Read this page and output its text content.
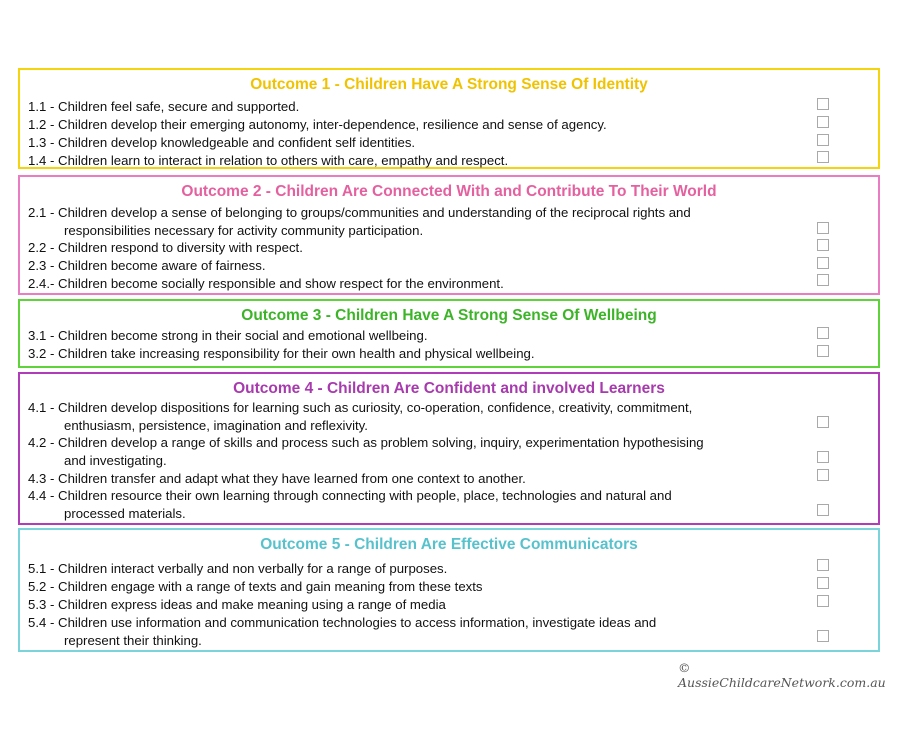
Outcome 1 - Children Have A Strong Sense Of Identity
1.1 - Children feel safe, secure and supported.
1.2 - Children develop their emerging autonomy, inter-dependence, resilience and sense of agency.
1.3 - Children develop knowledgeable and confident self identities.
1.4 - Children learn to interact in relation to others with care, empathy and respect.
Outcome 2 - Children Are Connected With and Contribute To Their World
2.1 - Children develop a sense of belonging to groups/communities and understanding of the reciprocal rights and
responsibilities necessary for activity community participation.
2.2 - Children respond to diversity with respect.
2.3 - Children become aware of fairness.
2.4.- Children become socially responsible and show respect for the environment.
Outcome 3 - Children Have A Strong Sense Of Wellbeing
3.1 - Children become strong in their social and emotional wellbeing.
3.2 - Children take increasing responsibility for their own health and physical wellbeing.
Outcome 4 - Children Are Confident and involved Learners
4.1 - Children develop dispositions for learning such as curiosity, co-operation, confidence, creativity, commitment,
enthusiasm, persistence, imagination and reflexivity.
4.2 - Children develop a range of skills and process such as problem solving, inquiry, experimentation hypothesising
and investigating.
4.3 - Children transfer and adapt what they have learned from one context to another.
4.4 - Children resource their own learning through connecting with people, place, technologies and natural and
processed materials.
Outcome 5 - Children Are Effective Communicators
5.1 - Children interact verbally and non verbally for a range of purposes.
5.2 - Children engage with a range of texts and gain meaning from these texts
5.3 - Children express ideas and make meaning using a range of media
5.4 - Children use information and communication technologies to access information, investigate ideas and
represent their thinking.
© AussieChildcareNetwork.com.au
